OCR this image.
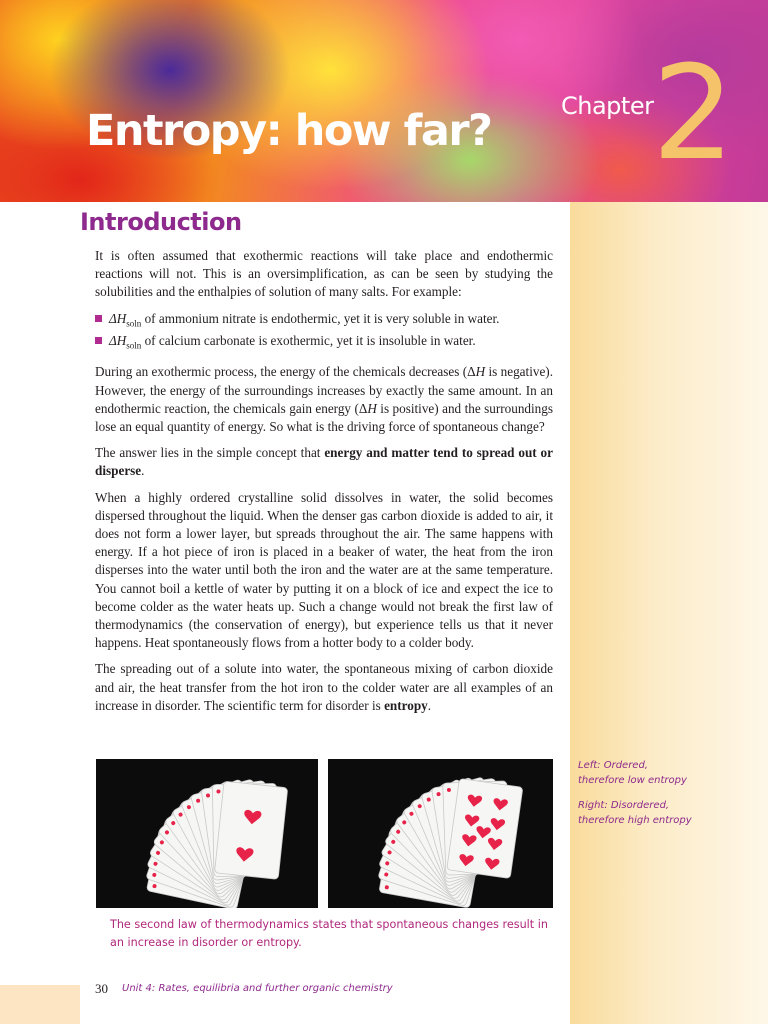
Entropy: how far?	Chapter
2
Introduction

It is often assumed that exothermic reactions will take place and endothermic reactions will not. This is an oversimplification, as can be seen by studying the solubilities and the enthalpies of solution of many salts. For example:

$\Delta H_{soln}$ of ammonium nitrate is endothermic, yet it is very soluble in water.
$\Delta H_{soln}$ of calcium carbonate is exothermic, yet it is insoluble in water.

During an exothermic process, the energy of the chemicals decreases (ΔH is negative). However, the energy of the surroundings increases by exactly the same amount. In an endothermic reaction, the chemicals gain energy (ΔH is positive) and the surroundings lose an equal quantity of energy. So what is the driving force of spontaneous change?

The answer lies in the simple concept that energy and matter tend to spread out or disperse.

When a highly ordered crystalline solid dissolves in water, the solid becomes dispersed throughout the liquid. When the denser gas carbon dioxide is added to air, it does not form a lower layer, but spreads throughout the air. The same happens with energy. If a hot piece of iron is placed in a beaker of water, the heat from the iron disperses into the water until both the iron and the water are at the same temperature. You cannot boil a kettle of water by putting it on a block of ice and expect the ice to become colder as the water heats up. Such a change would not break the first law of thermodynamics (the conservation of energy), but experience tells us that it never happens. Heat spontaneously flows from a hotter body to a colder body.

The spreading out of a solute into water, the spontaneous mixing of carbon dioxide and air, the heat transfer from the hot iron to the colder water are all examples of an increase in disorder. The scientific term for disorder is entropy.

The second law of thermodynamics states that spontaneous changes result in an increase in disorder or entropy.

Left: Ordered,
therefore low entropy

Right: Disordered,
therefore high entropy

30 Unit 4: Rates, equilibria and further organic chemistry
